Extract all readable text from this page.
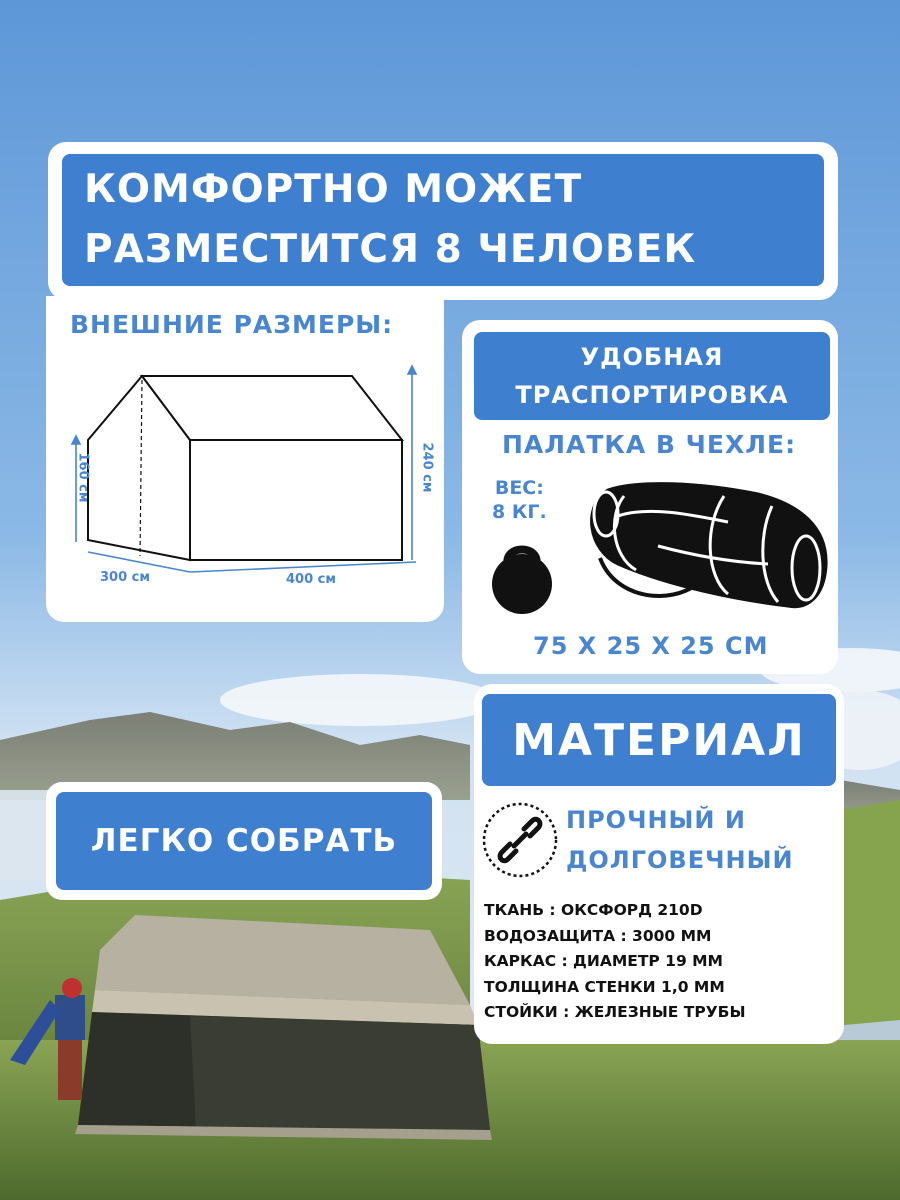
КОМФОРТНО МОЖЕТ
РАЗМЕСТИТСЯ 8 ЧЕЛОВЕК
ВНЕШНИЕ РАЗМЕРЫ:
160 см	240 см
300 см	400 см
УДОБНАЯ
ТРАСПОРТИРОВКА
ПАЛАТКА В ЧЕХЛЕ:
ВЕС:
8 КГ.
75 Х 25 Х 25 СМ
МАТЕРИАЛ
ПРОЧНЫЙ И
ДОЛГОВЕЧНЫЙ
ТКАНЬ : ОКСФОРД 210D
ВОДОЗАЩИТА : 3000 ММ
КАРКАС : ДИАМЕТР 19 ММ
ТОЛЩИНА СТЕНКИ 1,0 ММ
СТОЙКИ : ЖЕЛЕЗНЫЕ ТРУБЫ
ЛЕГКО СОБРАТЬ
